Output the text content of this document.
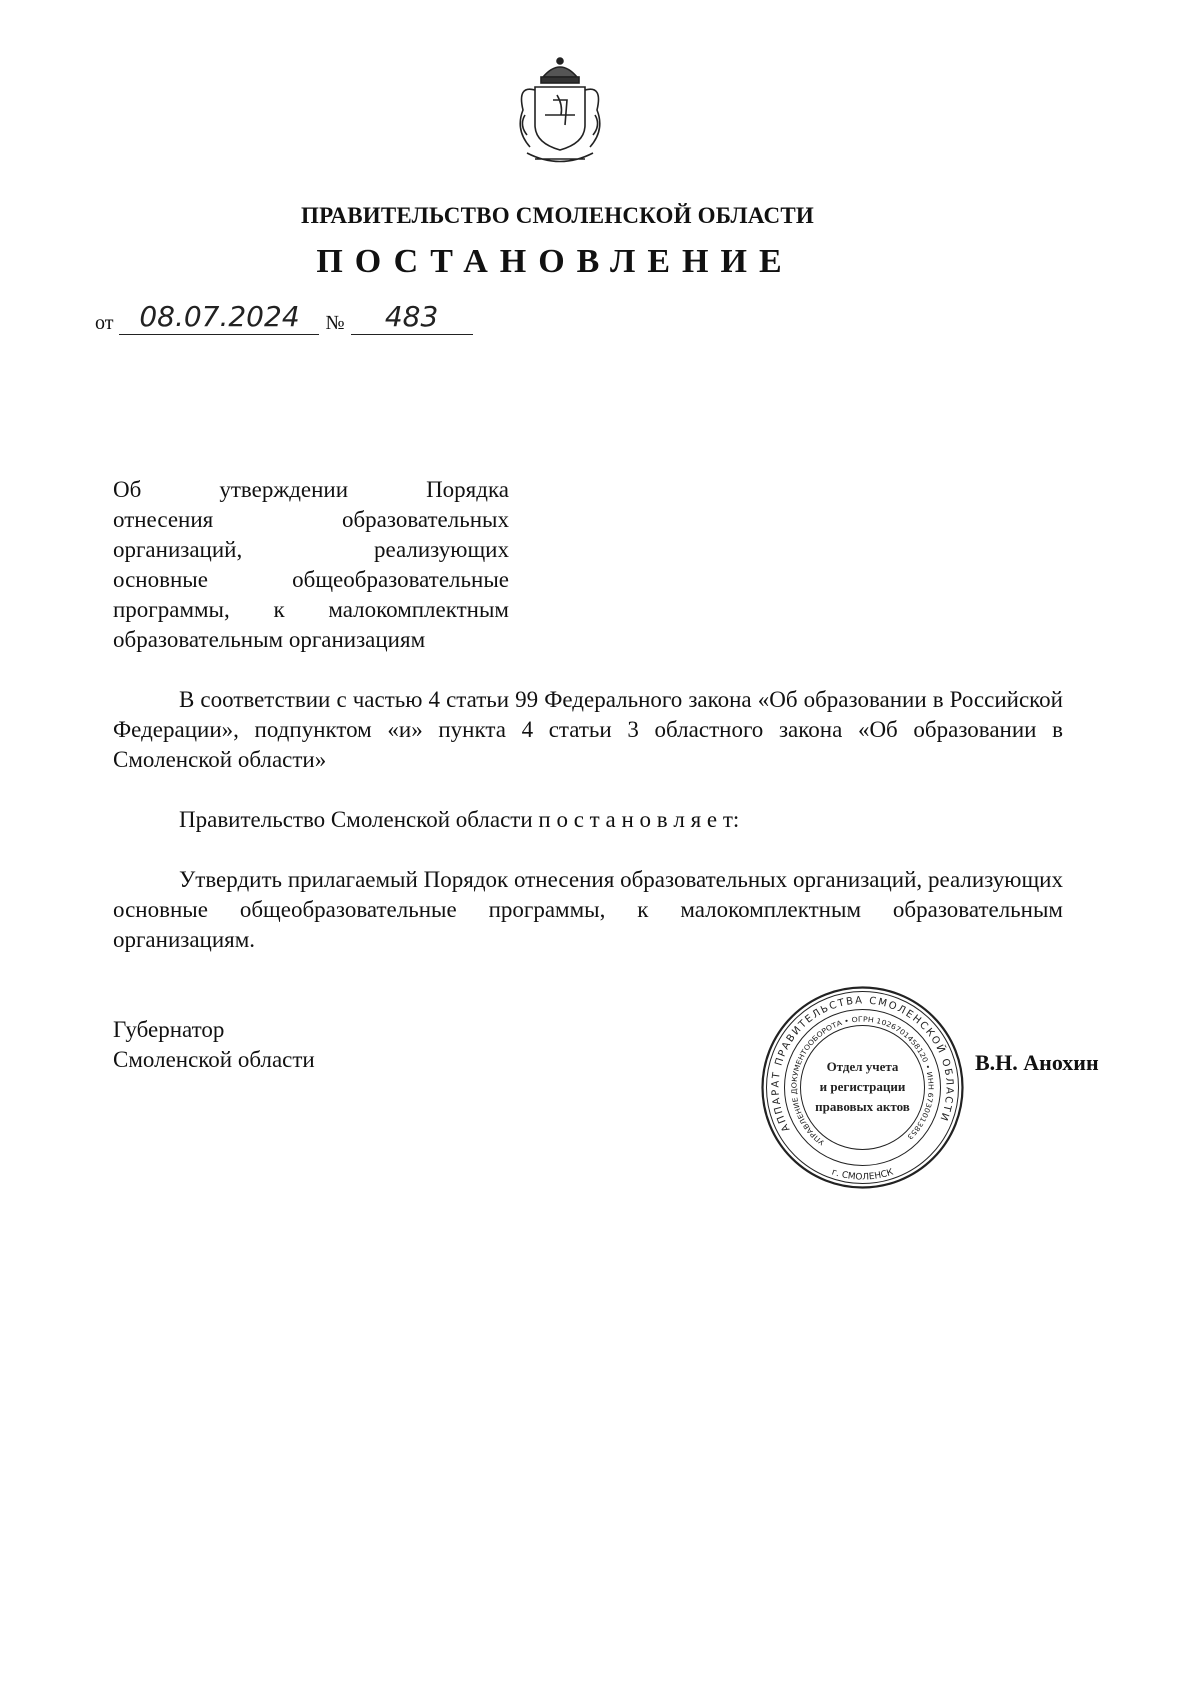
ПРАВИТЕЛЬСТВО СМОЛЕНСКОЙ ОБЛАСТИ
ПОСТАНОВЛЕНИЕ
от 08.07.2024	№	483
Об утверждении Порядка
отнесения образовательных
организаций, реализующих
основные общеобразовательные
программы, к малокомплектным
образовательным организациям
В соответствии с частью 4 статьи 99 Федерального закона «Об образовании в Российской Федерации», подпунктом «и» пункта 4 статьи 3 областного закона «Об образовании в Смоленской области»
Правительство Смоленской области п о с т а н о в л я е т:
Утвердить прилагаемый Порядок отнесения образовательных организаций, реализующих основные общеобразовательные программы, к малокомплектным образовательным организациям.
Губернатор
Смоленской области
АППАРАТ ПРАВИТЕЛЬСТВА СМОЛЕНСКОЙ ОБЛАСТИ
УПРАВЛЕНИЕ ДОКУМЕНТООБОРОТА • ОГРН 1026701458120 • ИНН 6730013853
г. СМОЛЕНСК
Отдел учета
и регистрации
правовых актов
В.Н. Анохин
